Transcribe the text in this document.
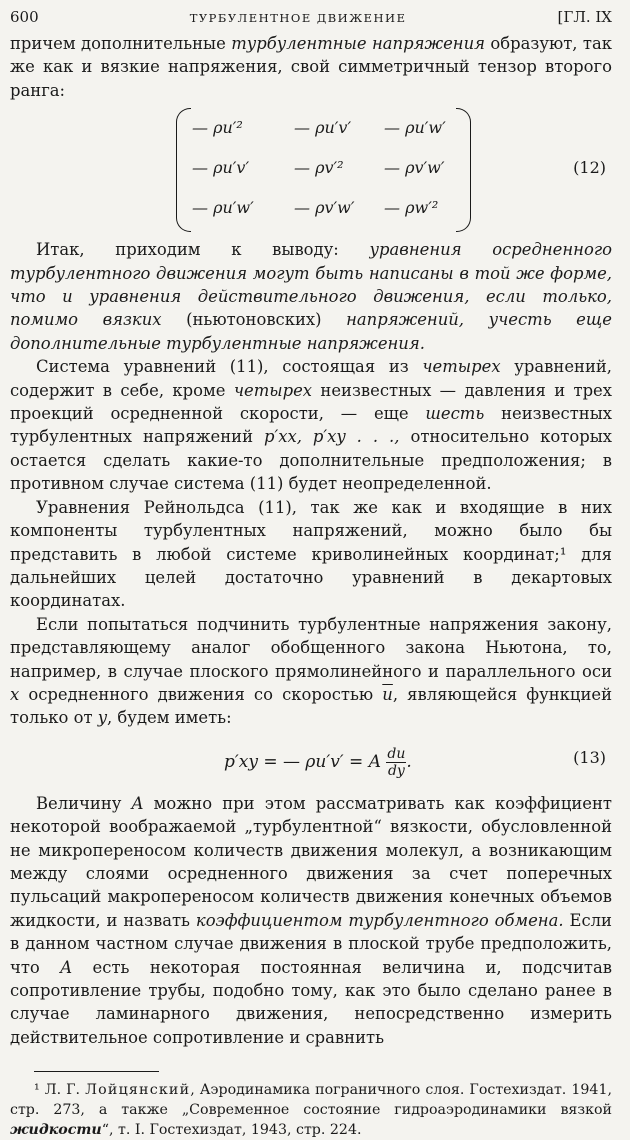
600	ТУРБУЛЕНТНОЕ ДВИЖЕНИЕ	[ГЛ. IX

причем дополнительные турбулентные напряжения образуют, так же как и вязкие напряжения, свой симметричный тензор второго ранга:

— ρu′²	— ρu′v′ — ρu′w′
— ρu′v′	— ρv′²	— ρv′w′
— ρu′w′	— ρv′w′ — ρw′²
(12)

Итак, приходим к выводу: уравнения осредненного турбулентного движения могут быть написаны в той же форме, что и уравнения действительного движения, если только, помимо вязких (ньютоновских) напряжений, учесть еще дополнительные турбулентные напряжения.

Система уравнений (11), состоящая из четырех уравнений, содержит в себе, кроме четырех неизвестных — давления и трех проекций осредненной скорости, — еще шесть неизвестных турбулентных напряжений p′xx, p′xy . . ., относительно которых остается сделать какие-то дополнительные предположения; в противном случае система (11) будет неопределенной.

Уравнения Рейнольдса (11), так же как и входящие в них компоненты турбулентных напряжений, можно было бы представить в любой системе криволинейных координат;¹ для дальнейших целей достаточно уравнений в декартовых координатах.

Если попытаться подчинить турбулентные напряжения закону, представляющему аналог обобщенного закона Ньютона, то, например, в случае плоского прямолинейного и параллельного оси x осредненного движения со скоростью $\overline{u}$, являющейся функцией только от y, будем иметь:

p′xy = — ρu′v′ = A $\frac{du}{dy}$ .	(13)

Величину A можно при этом рассматривать как коэффициент некоторой воображаемой „турбулентной“ вязкости, обусловленной не микропереносом количеств движения молекул, а возникающим между слоями осредненного движения за счет поперечных пульсаций макропереносом количеств движения конечных объемов жидкости, и назвать коэффициентом турбулентного обмена. Если в данном частном случае движения в плоской трубе предположить, что A есть некоторая постоянная величина и, подсчитав сопротивление трубы, подобно тому, как это было сделано ранее в случае ламинарного движения, непосредственно измерить действительное сопротивление и сравнить

¹ Л. Г. Лойцянский, Аэродинамика пограничного слоя. Гостехиздат. 1941, стр. 273, а также „Современное состояние гидроаэродинамики вязкой жидкости“, т. I. Гостехиздат, 1943, стр. 224.
